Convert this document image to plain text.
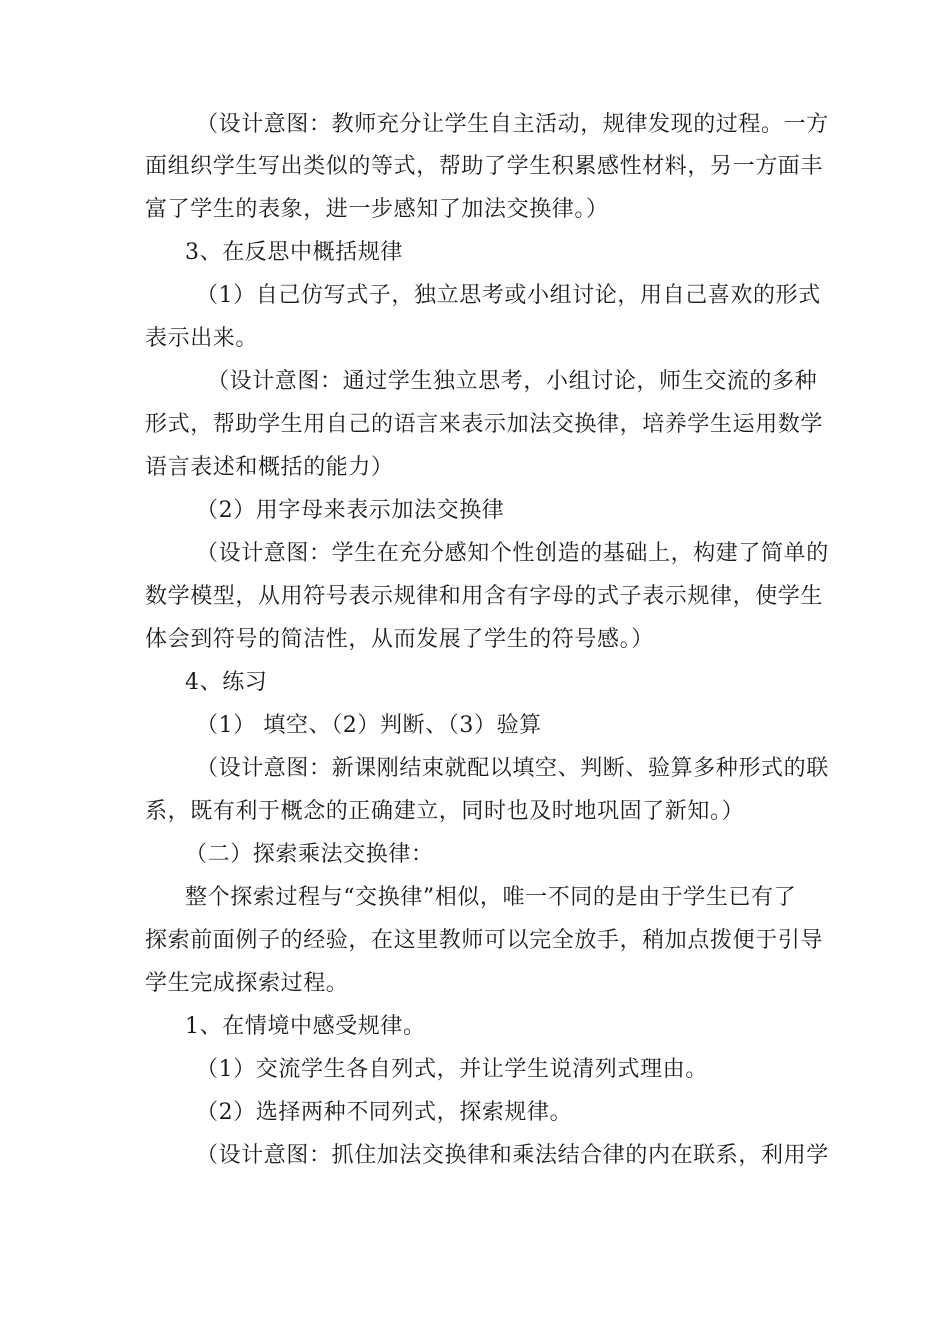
（设计意图：教师充分让学生自主活动，规律发现的过程。一方
面组织学生写出类似的等式，帮助了学生积累感性材料，另一方面丰
富了学生的表象，进一步感知了加法交换律。）
3、在反思中概括规律
（1）自己仿写式子，独立思考或小组讨论，用自己喜欢的形式
表示出来。
（设计意图：通过学生独立思考，小组讨论，师生交流的多种
形式，帮助学生用自己的语言来表示加法交换律，培养学生运用数学
语言表述和概括的能力）
（2）用字母来表示加法交换律
（设计意图：学生在充分感知个性创造的基础上，构建了简单的
数学模型，从用符号表示规律和用含有字母的式子表示规律，使学生
体会到符号的简洁性，从而发展了学生的符号感。）
4、练习
（1） 填空、（2）判断、（3）验算
（设计意图：新课刚结束就配以填空、判断、验算多种形式的联
系，既有利于概念的正确建立，同时也及时地巩固了新知。）
（二）探索乘法交换律：
整个探索过程与“交换律”相似，唯一不同的是由于学生已有了
探索前面例子的经验，在这里教师可以完全放手，稍加点拨便于引导
学生完成探索过程。
1、在情境中感受规律。
（1）交流学生各自列式，并让学生说清列式理由。
（2）选择两种不同列式，探索规律。
（设计意图：抓住加法交换律和乘法结合律的内在联系，利用学
